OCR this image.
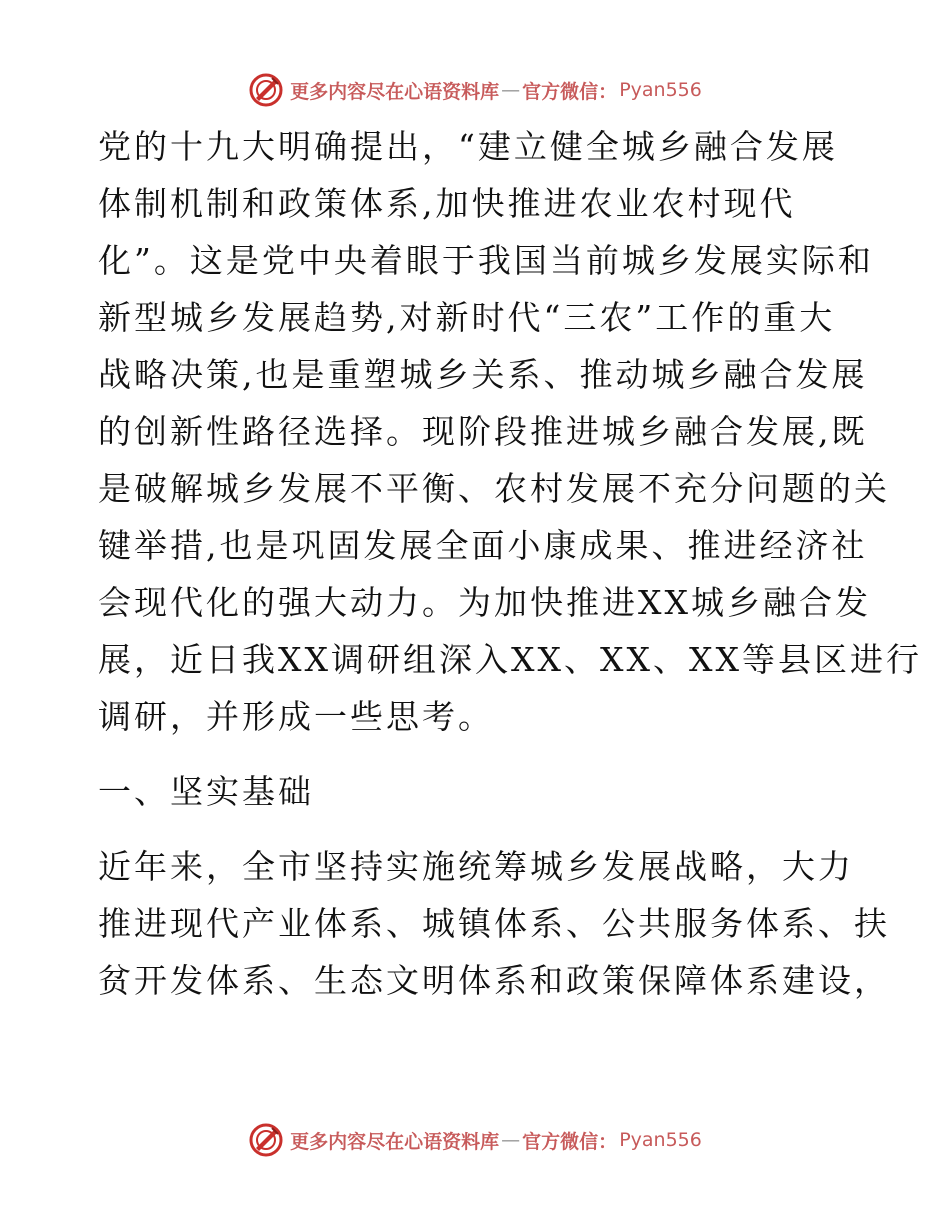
更多内容尽在心语资料库 — 官方微信： Pyan556
党的十九大明确提出，“建立健全城乡融合发展
体制机制和政策体系,加快推进农业农村现代
化”。这是党中央着眼于我国当前城乡发展实际和
新型城乡发展趋势,对新时代“三农”工作的重大
战略决策,也是重塑城乡关系、推动城乡融合发展
的创新性路径选择。现阶段推进城乡融合发展,既
是破解城乡发展不平衡、农村发展不充分问题的关
键举措,也是巩固发展全面小康成果、推进经济社
会现代化的强大动力。为加快推进XX城乡融合发
展，近日我XX调研组深入XX、XX、XX等县区进行
调研，并形成一些思考。
一、坚实基础
近年来，全市坚持实施统筹城乡发展战略，大力
推进现代产业体系、城镇体系、公共服务体系、扶
贫开发体系、生态文明体系和政策保障体系建设，
更多内容尽在心语资料库 — 官方微信： Pyan556
